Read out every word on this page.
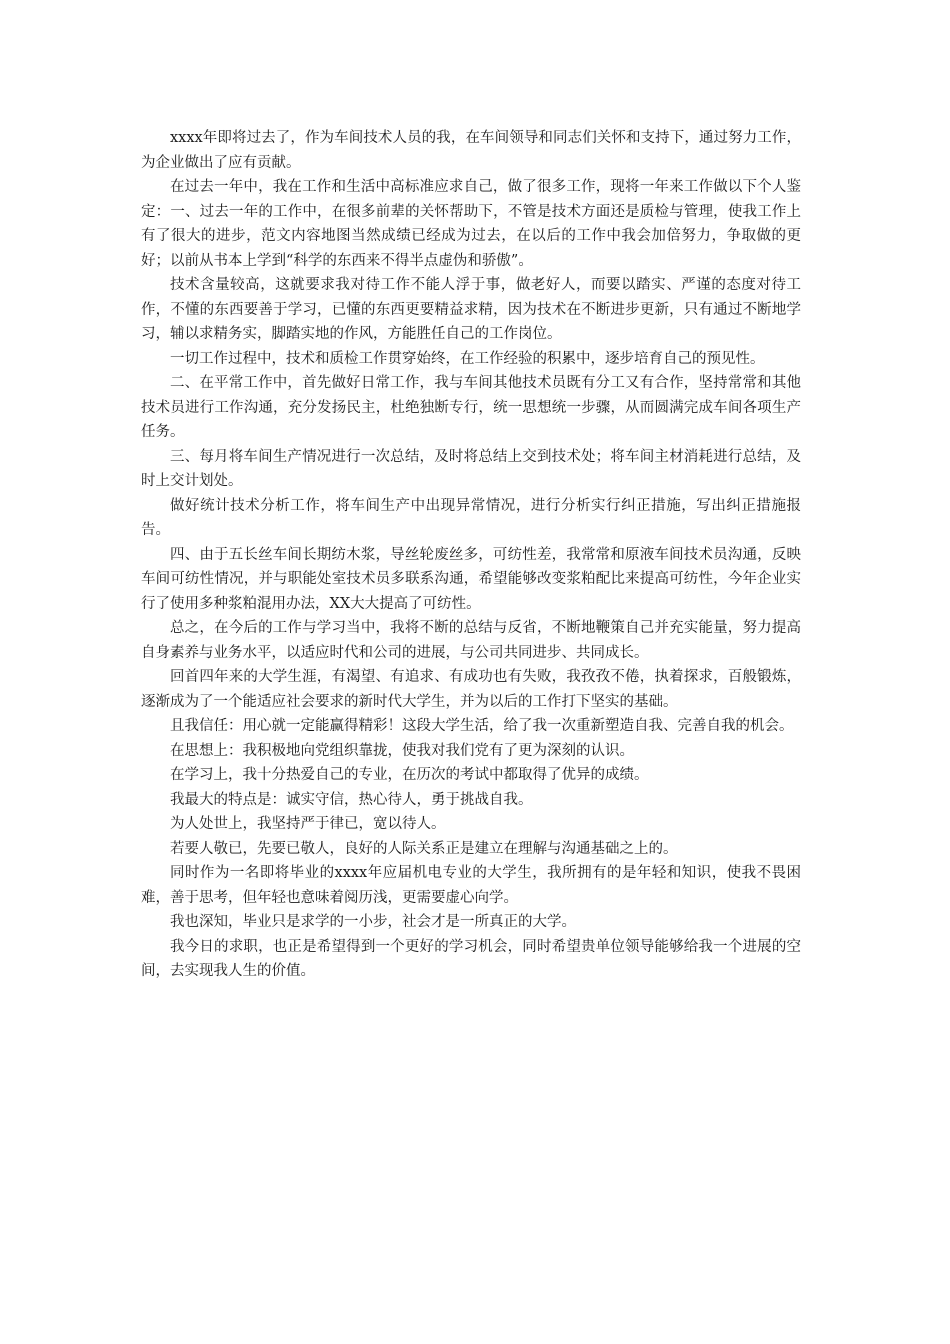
xxxx年即将过去了，作为车间技术人员的我，在车间领导和同志们关怀和支持下，通过努力工作，为企业做出了应有贡献。

在过去一年中，我在工作和生活中高标准应求自己，做了很多工作，现将一年来工作做以下个人鉴定：一、过去一年的工作中，在很多前辈的关怀帮助下，不管是技术方面还是质检与管理，使我工作上有了很大的进步，范文内容地图当然成绩已经成为过去，在以后的工作中我会加倍努力，争取做的更好；以前从书本上学到“科学的东西来不得半点虚伪和骄傲”。

技术含量较高，这就要求我对待工作不能人浮于事，做老好人，而要以踏实、严谨的态度对待工作，不懂的东西要善于学习，已懂的东西更要精益求精，因为技术在不断进步更新，只有通过不断地学习，辅以求精务实，脚踏实地的作风，方能胜任自己的工作岗位。

一切工作过程中，技术和质检工作贯穿始终，在工作经验的积累中，逐步培育自己的预见性。

二、在平常工作中，首先做好日常工作，我与车间其他技术员既有分工又有合作，坚持常常和其他技术员进行工作沟通，充分发扬民主，杜绝独断专行，统一思想统一步骤，从而圆满完成车间各项生产任务。

三、每月将车间生产情况进行一次总结，及时将总结上交到技术处；将车间主材消耗进行总结，及时上交计划处。

做好统计技术分析工作，将车间生产中出现异常情况，进行分析实行纠正措施，写出纠正措施报告。

四、由于五长丝车间长期纺木浆，导丝轮废丝多，可纺性差，我常常和原液车间技术员沟通，反映车间可纺性情况，并与职能处室技术员多联系沟通，希望能够改变浆粕配比来提高可纺性，今年企业实行了使用多种浆粕混用办法，XX大大提高了可纺性。

总之，在今后的工作与学习当中，我将不断的总结与反省，不断地鞭策自己并充实能量，努力提高自身素养与业务水平，以适应时代和公司的进展，与公司共同进步、共同成长。

回首四年来的大学生涯，有渴望、有追求、有成功也有失败，我孜孜不倦，执着探求，百般锻炼，逐渐成为了一个能适应社会要求的新时代大学生，并为以后的工作打下坚实的基础。

且我信任：用心就一定能赢得精彩！这段大学生活，给了我一次重新塑造自我、完善自我的机会。

在思想上：我积极地向党组织靠拢，使我对我们党有了更为深刻的认识。

在学习上，我十分热爱自己的专业，在历次的考试中都取得了优异的成绩。

我最大的特点是：诚实守信，热心待人，勇于挑战自我。

为人处世上，我坚持严于律已，宽以待人。

若要人敬已，先要已敬人，良好的人际关系正是建立在理解与沟通基础之上的。

同时作为一名即将毕业的xxxx年应届机电专业的大学生，我所拥有的是年轻和知识，使我不畏困难，善于思考，但年轻也意味着阅历浅，更需要虚心向学。

我也深知，毕业只是求学的一小步，社会才是一所真正的大学。

我今日的求职，也正是希望得到一个更好的学习机会，同时希望贵单位领导能够给我一个进展的空间，去实现我人生的价值。
